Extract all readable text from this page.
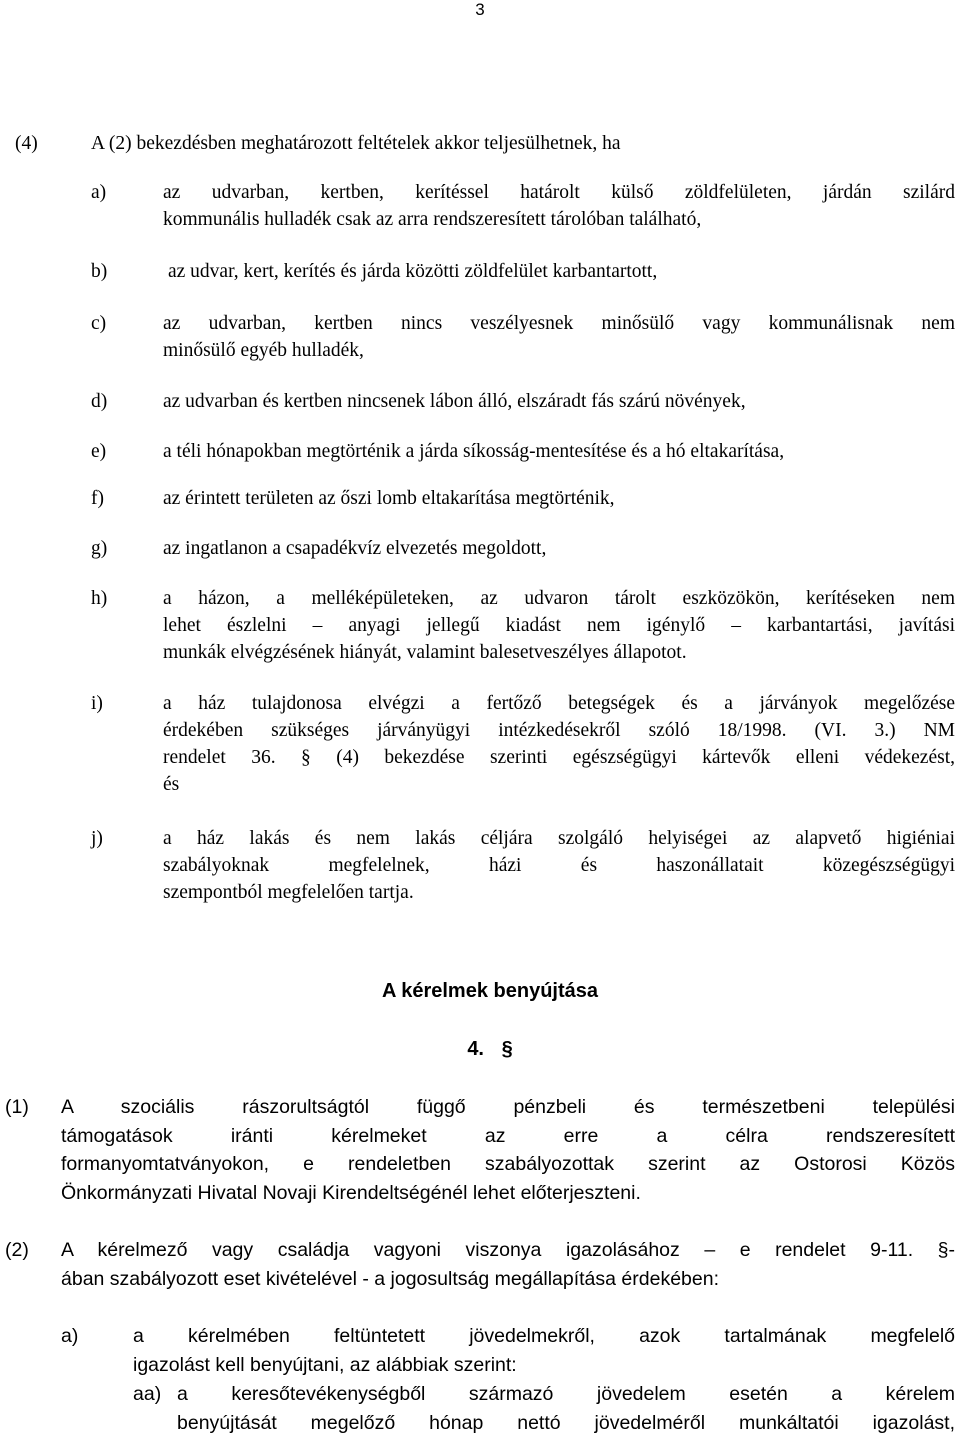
3
(4)	A (2) bekezdésben meghatározott feltételek akkor teljesülhetnek, ha
a)	az udvarban, kertben, kerítéssel határolt külső zöldfelületen, járdán szilárd
kommunális hulladék csak az arra rendszeresített tárolóban található,
b)	az udvar, kert, kerítés és járda közötti zöldfelület karbantartott,
c)	az udvarban, kertben nincs veszélyesnek minősülő vagy kommunálisnak nem
minősülő egyéb hulladék,
d)	az udvarban és kertben nincsenek lábon álló, elszáradt fás szárú növények,
e)	a téli hónapokban megtörténik a járda síkosság-mentesítése és a hó eltakarítása,
f)	az érintett területen az őszi lomb eltakarítása megtörténik,
g)	az ingatlanon a csapadékvíz elvezetés megoldott,
h)	a házon, a melléképületeken, az udvaron tárolt eszközökön, kerítéseken nem
lehet észlelni – anyagi jellegű kiadást nem igénylő – karbantartási, javítási
munkák elvégzésének hiányát, valamint balesetveszélyes állapotot.
i)	a ház tulajdonosa elvégzi a fertőző betegségek és a járványok megelőzése
érdekében szükséges járványügyi intézkedésekről szóló 18/1998. (VI. 3.) NM
rendelet 36. § (4) bekezdése szerinti egészségügyi kártevők elleni védekezést,
és
j)	a ház lakás és nem lakás céljára szolgáló helyiségei az alapvető higiéniai
szabályoknak megfelelnek, házi és haszonállatait közegészségügyi
szempontból megfelelően tartja.
A kérelmek benyújtása
4. §
(1) A szociális rászorultságtól függő pénzbeli és természetbeni települési
támogatások iránti kérelmeket az erre a célra rendszeresített
formanyomtatványokon, e rendeletben szabályozottak szerint az Ostorosi Közös
Önkormányzati Hivatal Novaji Kirendeltségénél lehet előterjeszteni.
(2) A kérelmező vagy családja vagyoni viszonya igazolásához – e rendelet 9-11. §-
ában szabályozott eset kivételével - a jogosultság megállapítása érdekében:
a)	a kérelmében feltüntetett jövedelmekről, azok tartalmának megfelelő
igazolást kell benyújtani, az alábbiak szerint:
aa) a keresőtevékenységből származó jövedelem esetén a kérelem
benyújtását megelőző hónap nettó jövedelméről munkáltatói igazolást,
